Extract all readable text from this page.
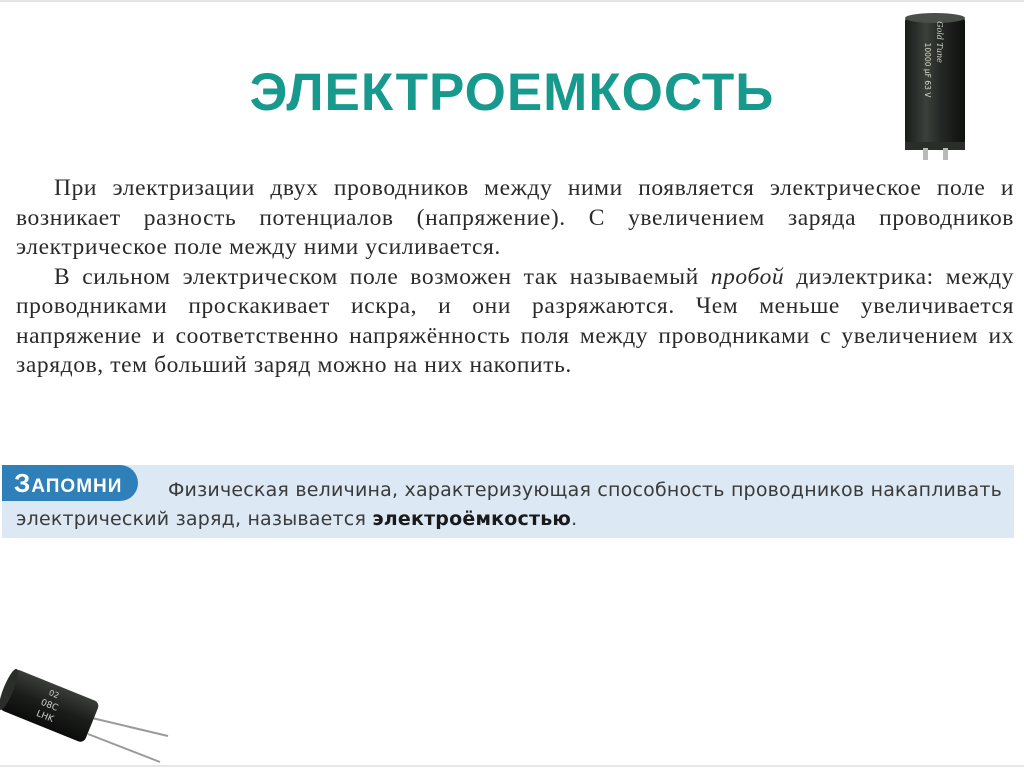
ЭЛЕКТРОЕМКОСТЬ
Gold Tune
10000 μF 63 V

При электризации двух проводников между ними появляется электрическое поле и возникает разность потенциалов (напряжение). С увеличением заряда проводников электрическое поле между ними усиливается.

В сильном электрическом поле возможен так называемый пробой диэлектрика: между проводниками проскакивает искра, и они разряжаются. Чем меньше увеличивается напряжение и соответственно напряжённость поля между проводниками с увеличением их зарядов, тем больший заряд можно на них накопить.

ЗАПОМНИ	Физическая величина, характеризующая способность проводников накапливать электрический заряд, называется электроёмкостью.
02
08C
LHK
